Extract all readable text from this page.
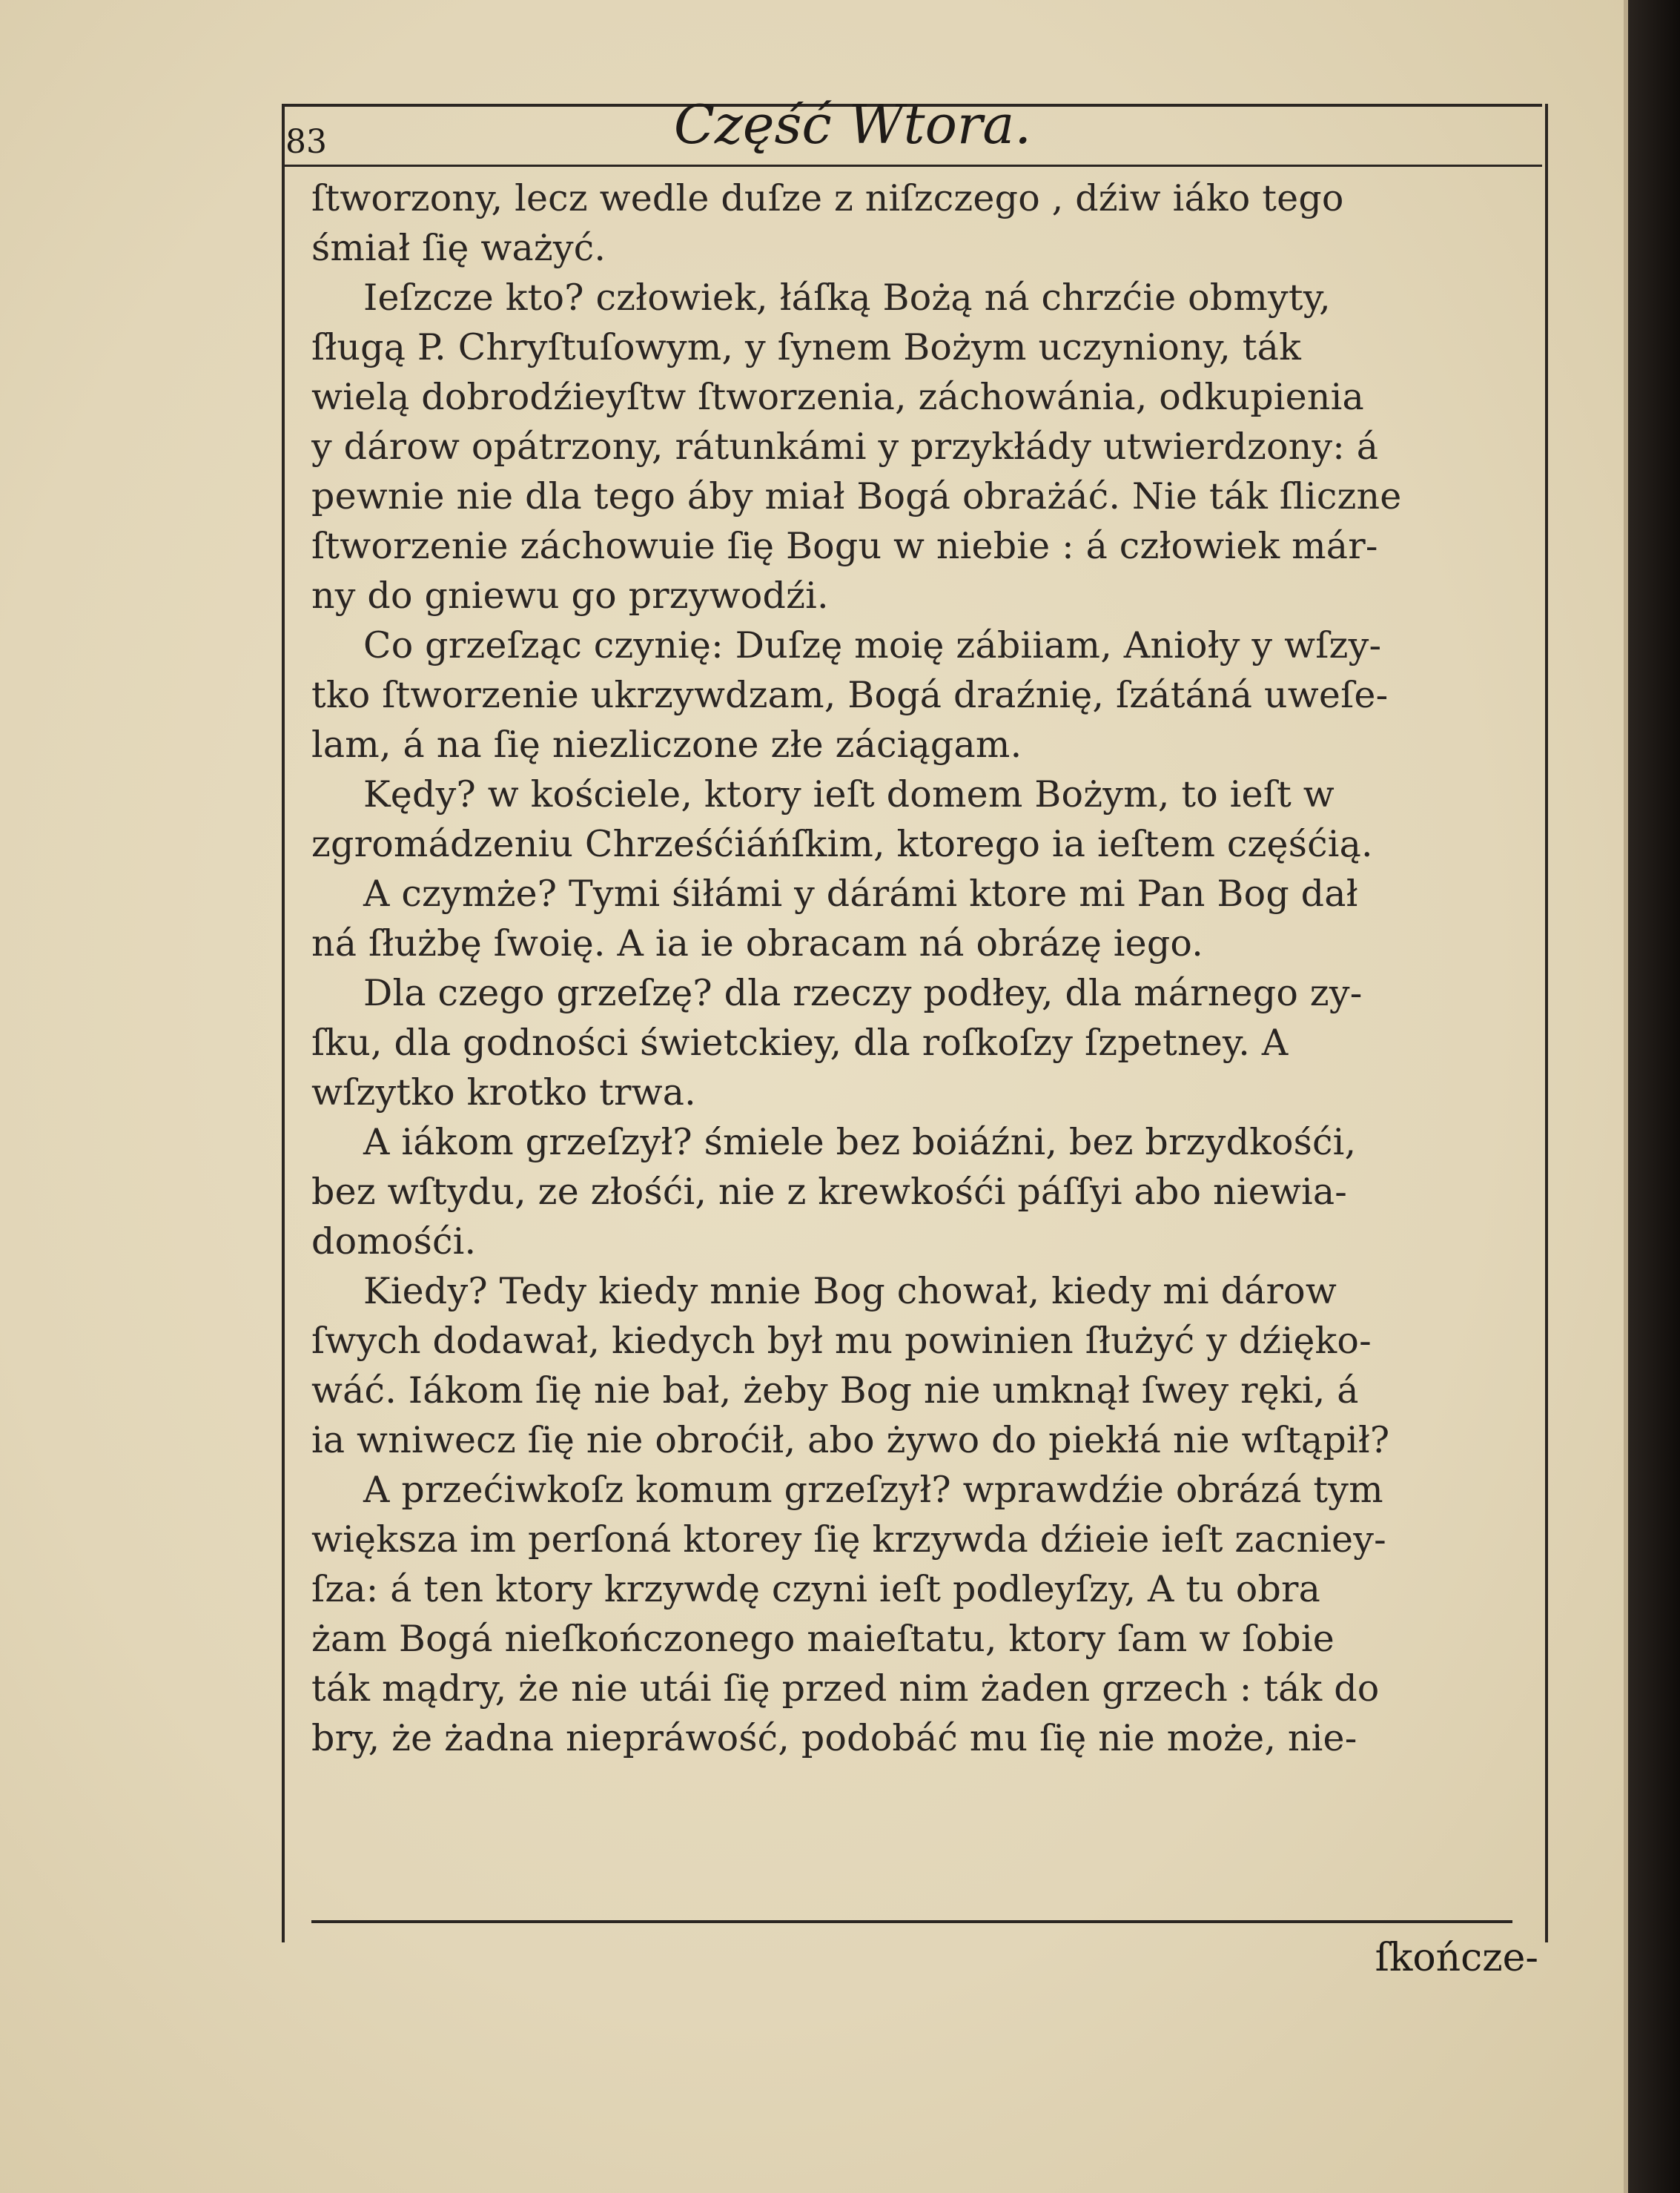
83	Część Wtora.
ſtworzony, lecz wedle duſze z niſzczego , dźiw iáko tego
śmiał ſię ważyć.
Ieſzcze kto? człowiek, łáſką Bożą ná chrzćie obmyty,
ſługą P. Chryſtuſowym, y ſynem Bożym uczyniony, ták
wielą dobrodźieyſtw ſtworzenia, záchowánia, odkupienia
y dárow opátrzony, rátunkámi y przykłády utwierdzony: á
pewnie nie dla tego áby miał Bogá obrażáć. Nie ták ſliczne
ſtworzenie záchowuie ſię Bogu w niebie : á człowiek már-
ny do gniewu go przywodźi.
Co grzeſząc czynię: Duſzę moię zábiiam, Anioły y wſzy-
tko ſtworzenie ukrzywdzam, Bogá draźnię, ſzátáná uweſe-
lam, á na ſię niezliczone złe záciągam.
Kędy? w kościele, ktory ieſt domem Bożym, to ieſt w
zgromádzeniu Chrześćiáńſkim, ktorego ia ieſtem częśćią.
A czymże? Tymi śiłámi y dárámi ktore mi Pan Bog dał
ná ſłużbę ſwoię. A ia ie obracam ná obrázę iego.
Dla czego grzeſzę? dla rzeczy podłey, dla márnego zy-
ſku, dla godności świetckiey, dla roſkoſzy ſzpetney. A
wſzytko krotko trwa.
A iákom grzeſzył? śmiele bez boiáźni, bez brzydkośći,
bez wſtydu, ze złośći, nie z krewkośći páſſyi abo niewia-
domośći.
Kiedy? Tedy kiedy mnie Bog chował, kiedy mi dárow
ſwych dodawał, kiedych był mu powinien ſłużyć y dźięko-
wáć. Iákom ſię nie bał, żeby Bog nie umknął ſwey ręki, á
ia wniwecz ſię nie obroćił, abo żywo do piekłá nie wſtąpił?
A przećiwkoſz komum grzeſzył? wprawdźie obrázá tym
większa im perſoná ktorey ſię krzywda dźieie ieſt zacniey-
ſza: á ten ktory krzywdę czyni ieſt podleyſzy, A tu obra
żam Bogá nieſkończonego maieſtatu, ktory ſam w ſobie
ták mądry, że nie utái ſię przed nim żaden grzech : ták do
bry, że żadna niepráwość, podobáć mu ſię nie może, nie-
ſkończe-
